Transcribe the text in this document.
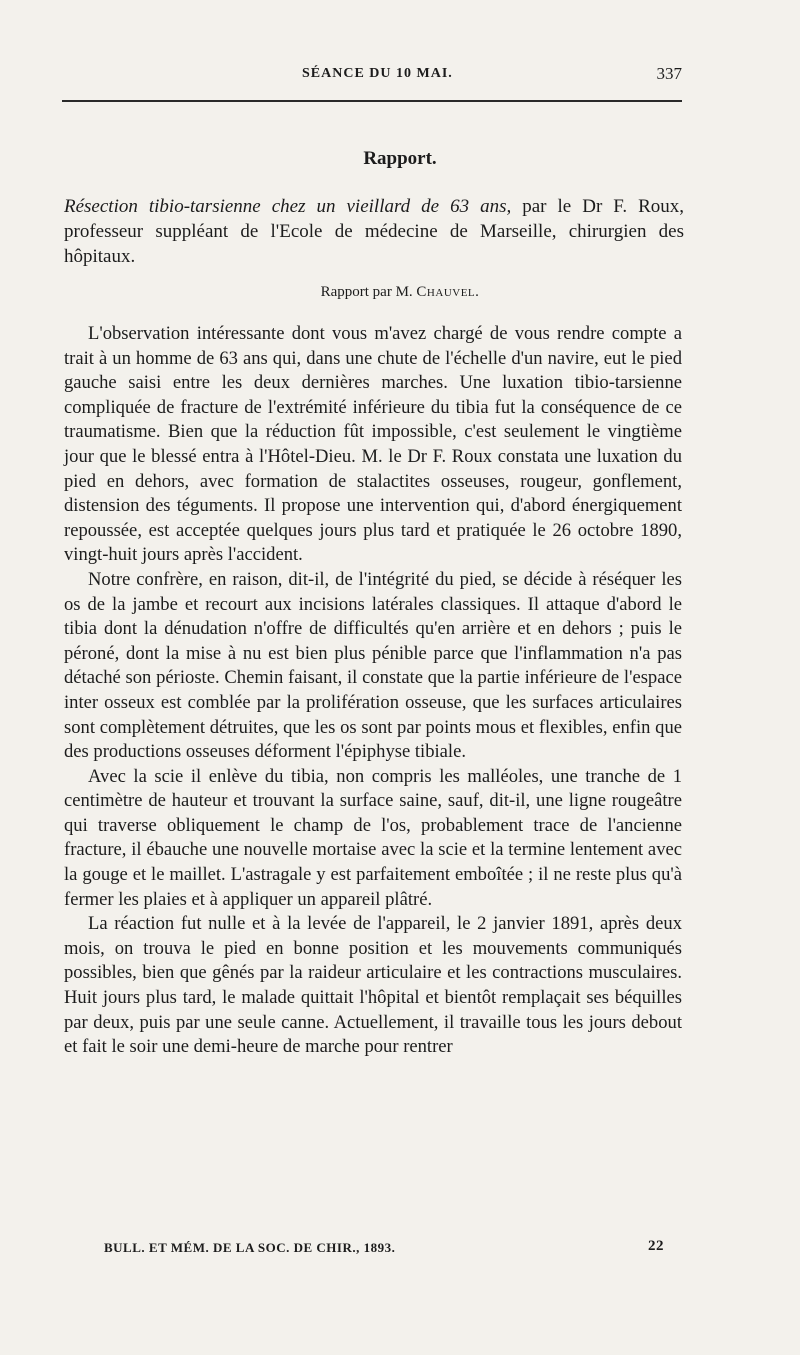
SÉANCE DU 10 MAI.	337
Rapport.
Résection tibio-tarsienne chez un vieillard de 63 ans, par le Dr F. Roux, professeur suppléant de l'Ecole de médecine de Marseille, chirurgien des hôpitaux.
Rapport par M. Chauvel.

L'observation intéressante dont vous m'avez chargé de vous rendre compte a trait à un homme de 63 ans qui, dans une chute de l'échelle d'un navire, eut le pied gauche saisi entre les deux dernières marches. Une luxation tibio-tarsienne compliquée de fracture de l'extrémité inférieure du tibia fut la conséquence de ce traumatisme. Bien que la réduction fût impossible, c'est seulement le vingtième jour que le blessé entra à l'Hôtel-Dieu. M. le Dr F. Roux constata une luxation du pied en dehors, avec formation de stalactites osseuses, rougeur, gonflement, distension des téguments. Il propose une intervention qui, d'abord énergiquement repoussée, est acceptée quelques jours plus tard et pratiquée le 26 octobre 1890, vingt-huit jours après l'accident.

Notre confrère, en raison, dit-il, de l'intégrité du pied, se décide à réséquer les os de la jambe et recourt aux incisions latérales classiques. Il attaque d'abord le tibia dont la dénudation n'offre de difficultés qu'en arrière et en dehors ; puis le péroné, dont la mise à nu est bien plus pénible parce que l'inflammation n'a pas détaché son périoste. Chemin faisant, il constate que la partie inférieure de l'espace inter osseux est comblée par la prolifération osseuse, que les surfaces articulaires sont complètement détruites, que les os sont par points mous et flexibles, enfin que des productions osseuses déforment l'épiphyse tibiale.

Avec la scie il enlève du tibia, non compris les malléoles, une tranche de 1 centimètre de hauteur et trouvant la surface saine, sauf, dit-il, une ligne rougeâtre qui traverse obliquement le champ de l'os, probablement trace de l'ancienne fracture, il ébauche une nouvelle mortaise avec la scie et la termine lentement avec la gouge et le maillet. L'astragale y est parfaitement emboîtée ; il ne reste plus qu'à fermer les plaies et à appliquer un appareil plâtré.

La réaction fut nulle et à la levée de l'appareil, le 2 janvier 1891, après deux mois, on trouva le pied en bonne position et les mouvements communiqués possibles, bien que gênés par la raideur articulaire et les contractions musculaires. Huit jours plus tard, le malade quittait l'hôpital et bientôt remplaçait ses béquilles par deux, puis par une seule canne. Actuellement, il travaille tous les jours debout et fait le soir une demi-heure de marche pour rentrer

BULL. ET MÉM. DE LA SOC. DE CHIR., 1893.	22
